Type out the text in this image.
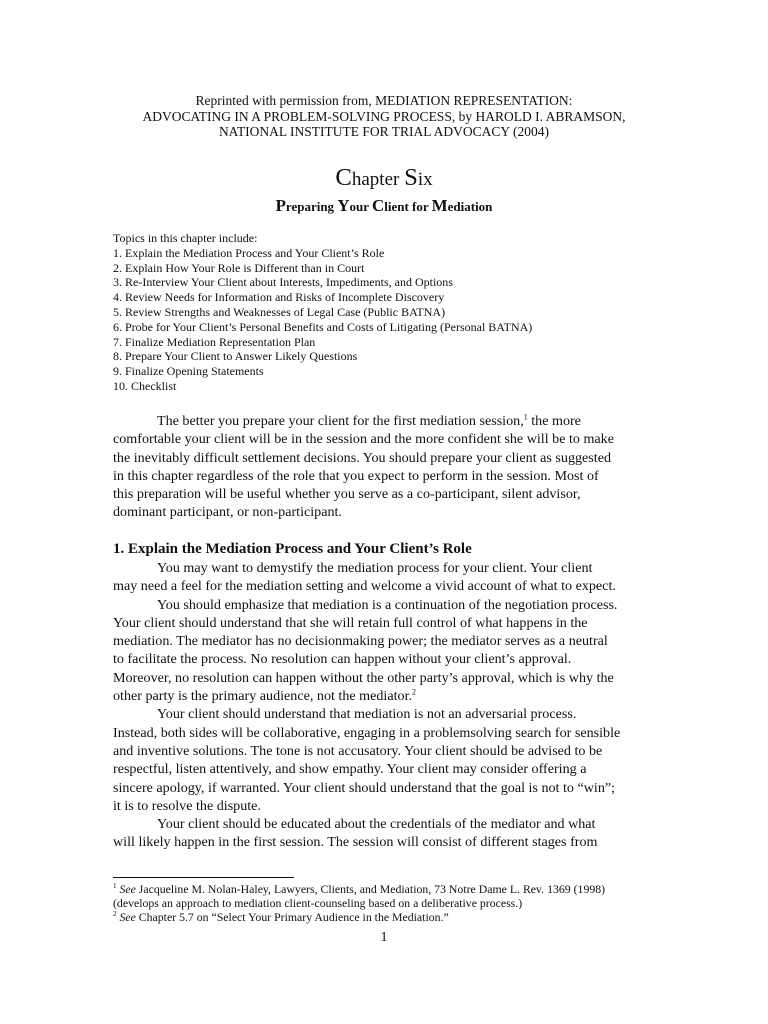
Reprinted with permission from, MEDIATION REPRESENTATION:
ADVOCATING IN A PROBLEM-SOLVING PROCESS, by HAROLD I. ABRAMSON,
NATIONAL INSTITUTE FOR TRIAL ADVOCACY (2004)
Chapter Six
Preparing Your Client for Mediation
Topics in this chapter include:
1. Explain the Mediation Process and Your Client’s Role
2. Explain How Your Role is Different than in Court
3. Re-Interview Your Client about Interests, Impediments, and Options
4. Review Needs for Information and Risks of Incomplete Discovery
5. Review Strengths and Weaknesses of Legal Case (Public BATNA)
6. Probe for Your Client’s Personal Benefits and Costs of Litigating (Personal BATNA)
7. Finalize Mediation Representation Plan
8. Prepare Your Client to Answer Likely Questions
9. Finalize Opening Statements
10. Checklist
The better you prepare your client for the first mediation session,$^1$ the more
comfortable your client will be in the session and the more confident she will be to make
the inevitably difficult settlement decisions. You should prepare your client as suggested
in this chapter regardless of the role that you expect to perform in the session. Most of
this preparation will be useful whether you serve as a co-participant, silent advisor,
dominant participant, or non-participant.
1. Explain the Mediation Process and Your Client’s Role
You may want to demystify the mediation process for your client. Your client
may need a feel for the mediation setting and welcome a vivid account of what to expect.
You should emphasize that mediation is a continuation of the negotiation process.
Your client should understand that she will retain full control of what happens in the
mediation. The mediator has no decisionmaking power; the mediator serves as a neutral
to facilitate the process. No resolution can happen without your client’s approval.
Moreover, no resolution can happen without the other party’s approval, which is why the
other party is the primary audience, not the mediator.$^2$
Your client should understand that mediation is not an adversarial process.
Instead, both sides will be collaborative, engaging in a problemsolving search for sensible
and inventive solutions. The tone is not accusatory. Your client should be advised to be
respectful, listen attentively, and show empathy. Your client may consider offering a
sincere apology, if warranted. Your client should understand that the goal is not to “win”;
it is to resolve the dispute.
Your client should be educated about the credentials of the mediator and what
will likely happen in the first session. The session will consist of different stages from
$^1$ See Jacqueline M. Nolan-Haley, Lawyers, Clients, and Mediation, 73 Notre Dame L. Rev. 1369 (1998)
(develops an approach to mediation client-counseling based on a deliberative process.)
$^2$ See Chapter 5.7 on “Select Your Primary Audience in the Mediation.”
1
